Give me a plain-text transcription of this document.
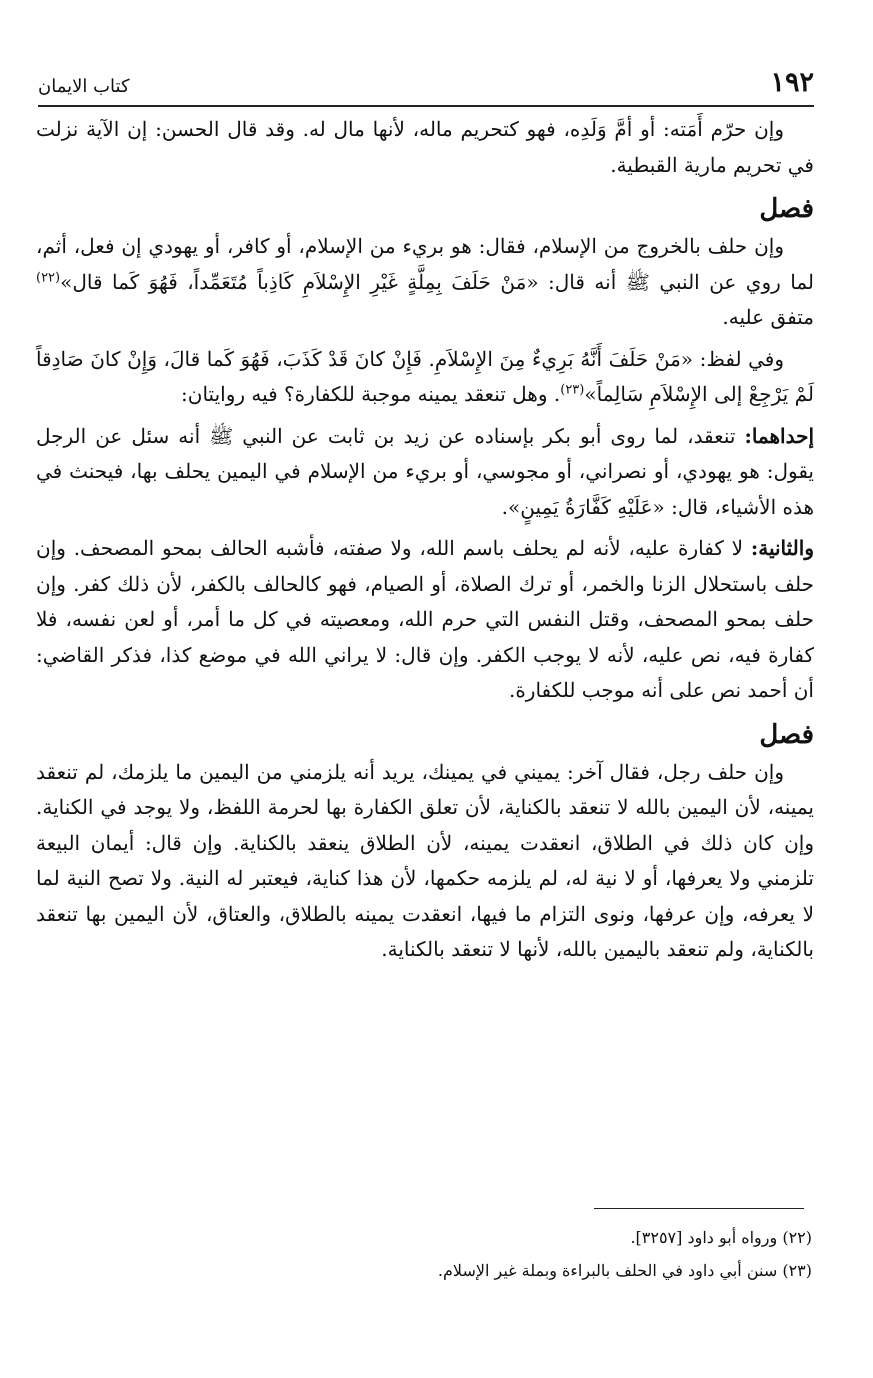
١٩٢
كتاب الايمان

وإن حرّم أَمَته: أو أمَّ وَلَدِه، فهو كتحريم ماله، لأنها مال له. وقد قال الحسن: إن الآية نزلت في تحريم مارية القبطية.

فصل

وإن حلف بالخروج من الإسلام، فقال: هو بريء من الإسلام، أو كافر، أو يهودي إن فعل، أثم، لما روي عن النبي ﷺ أنه قال: «مَنْ حَلَفَ بِمِلَّةٍ غَيْرِ الإِسْلاَمِ كَاذِباً مُتَعَمِّداً، فَهُوَ كَما قال»$^{(٢٢)}$ متفق عليه.

وفي لفظ: «مَنْ حَلَفَ أَنَّهُ بَرِيءٌ مِنَ الإِسْلاَمِ. فَإِنْ كانَ قَدْ كَذَبَ، فَهُوَ كَما قالَ، وَإِنْ كانَ صَادِقاً لَمْ يَرْجِعْ إلى الإِسْلاَمِ سَالِماً»$^{(٢٣)}$. وهل تنعقد يمينه موجبة للكفارة؟ فيه روايتان:

إحداهما: تنعقد، لما روى أبو بكر بإسناده عن زيد بن ثابت عن النبي ﷺ أنه سئل عن الرجل يقول: هو يهودي، أو نصراني، أو مجوسي، أو بريء من الإسلام في اليمين يحلف بها، فيحنث في هذه الأشياء، قال: «عَلَيْهِ كَفَّارَةُ يَمِينٍ».

والثانية: لا كفارة عليه، لأنه لم يحلف باسم الله، ولا صفته، فأشبه الحالف بمحو المصحف. وإن حلف باستحلال الزنا والخمر، أو ترك الصلاة، أو الصيام، فهو كالحالف بالكفر، لأن ذلك كفر. وإن حلف بمحو المصحف، وقتل النفس التي حرم الله، ومعصيته في كل ما أمر، أو لعن نفسه، فلا كفارة فيه، نص عليه، لأنه لا يوجب الكفر. وإن قال: لا يراني الله في موضع كذا، فذكر القاضي: أن أحمد نص على أنه موجب للكفارة.

فصل

وإن حلف رجل، فقال آخر: يميني في يمينك، يريد أنه يلزمني من اليمين ما يلزمك، لم تنعقد يمينه، لأن اليمين بالله لا تنعقد بالكناية، لأن تعلق الكفارة بها لحرمة اللفظ، ولا يوجد في الكناية. وإن كان ذلك في الطلاق، انعقدت يمينه، لأن الطلاق ينعقد بالكناية. وإن قال: أيمان البيعة تلزمني ولا يعرفها، أو لا نية له، لم يلزمه حكمها، لأن هذا كناية، فيعتبر له النية. ولا تصح النية لما لا يعرفه، وإن عرفها، ونوى التزام ما فيها، انعقدت يمينه بالطلاق، والعتاق، لأن اليمين بها تنعقد بالكناية، ولم تنعقد باليمين بالله، لأنها لا تنعقد بالكناية.

(٢٢) ورواه أبو داود [٣٢٥٧].

(٢٣) سنن أبي داود في الحلف بالبراءة وبملة غير الإسلام.
